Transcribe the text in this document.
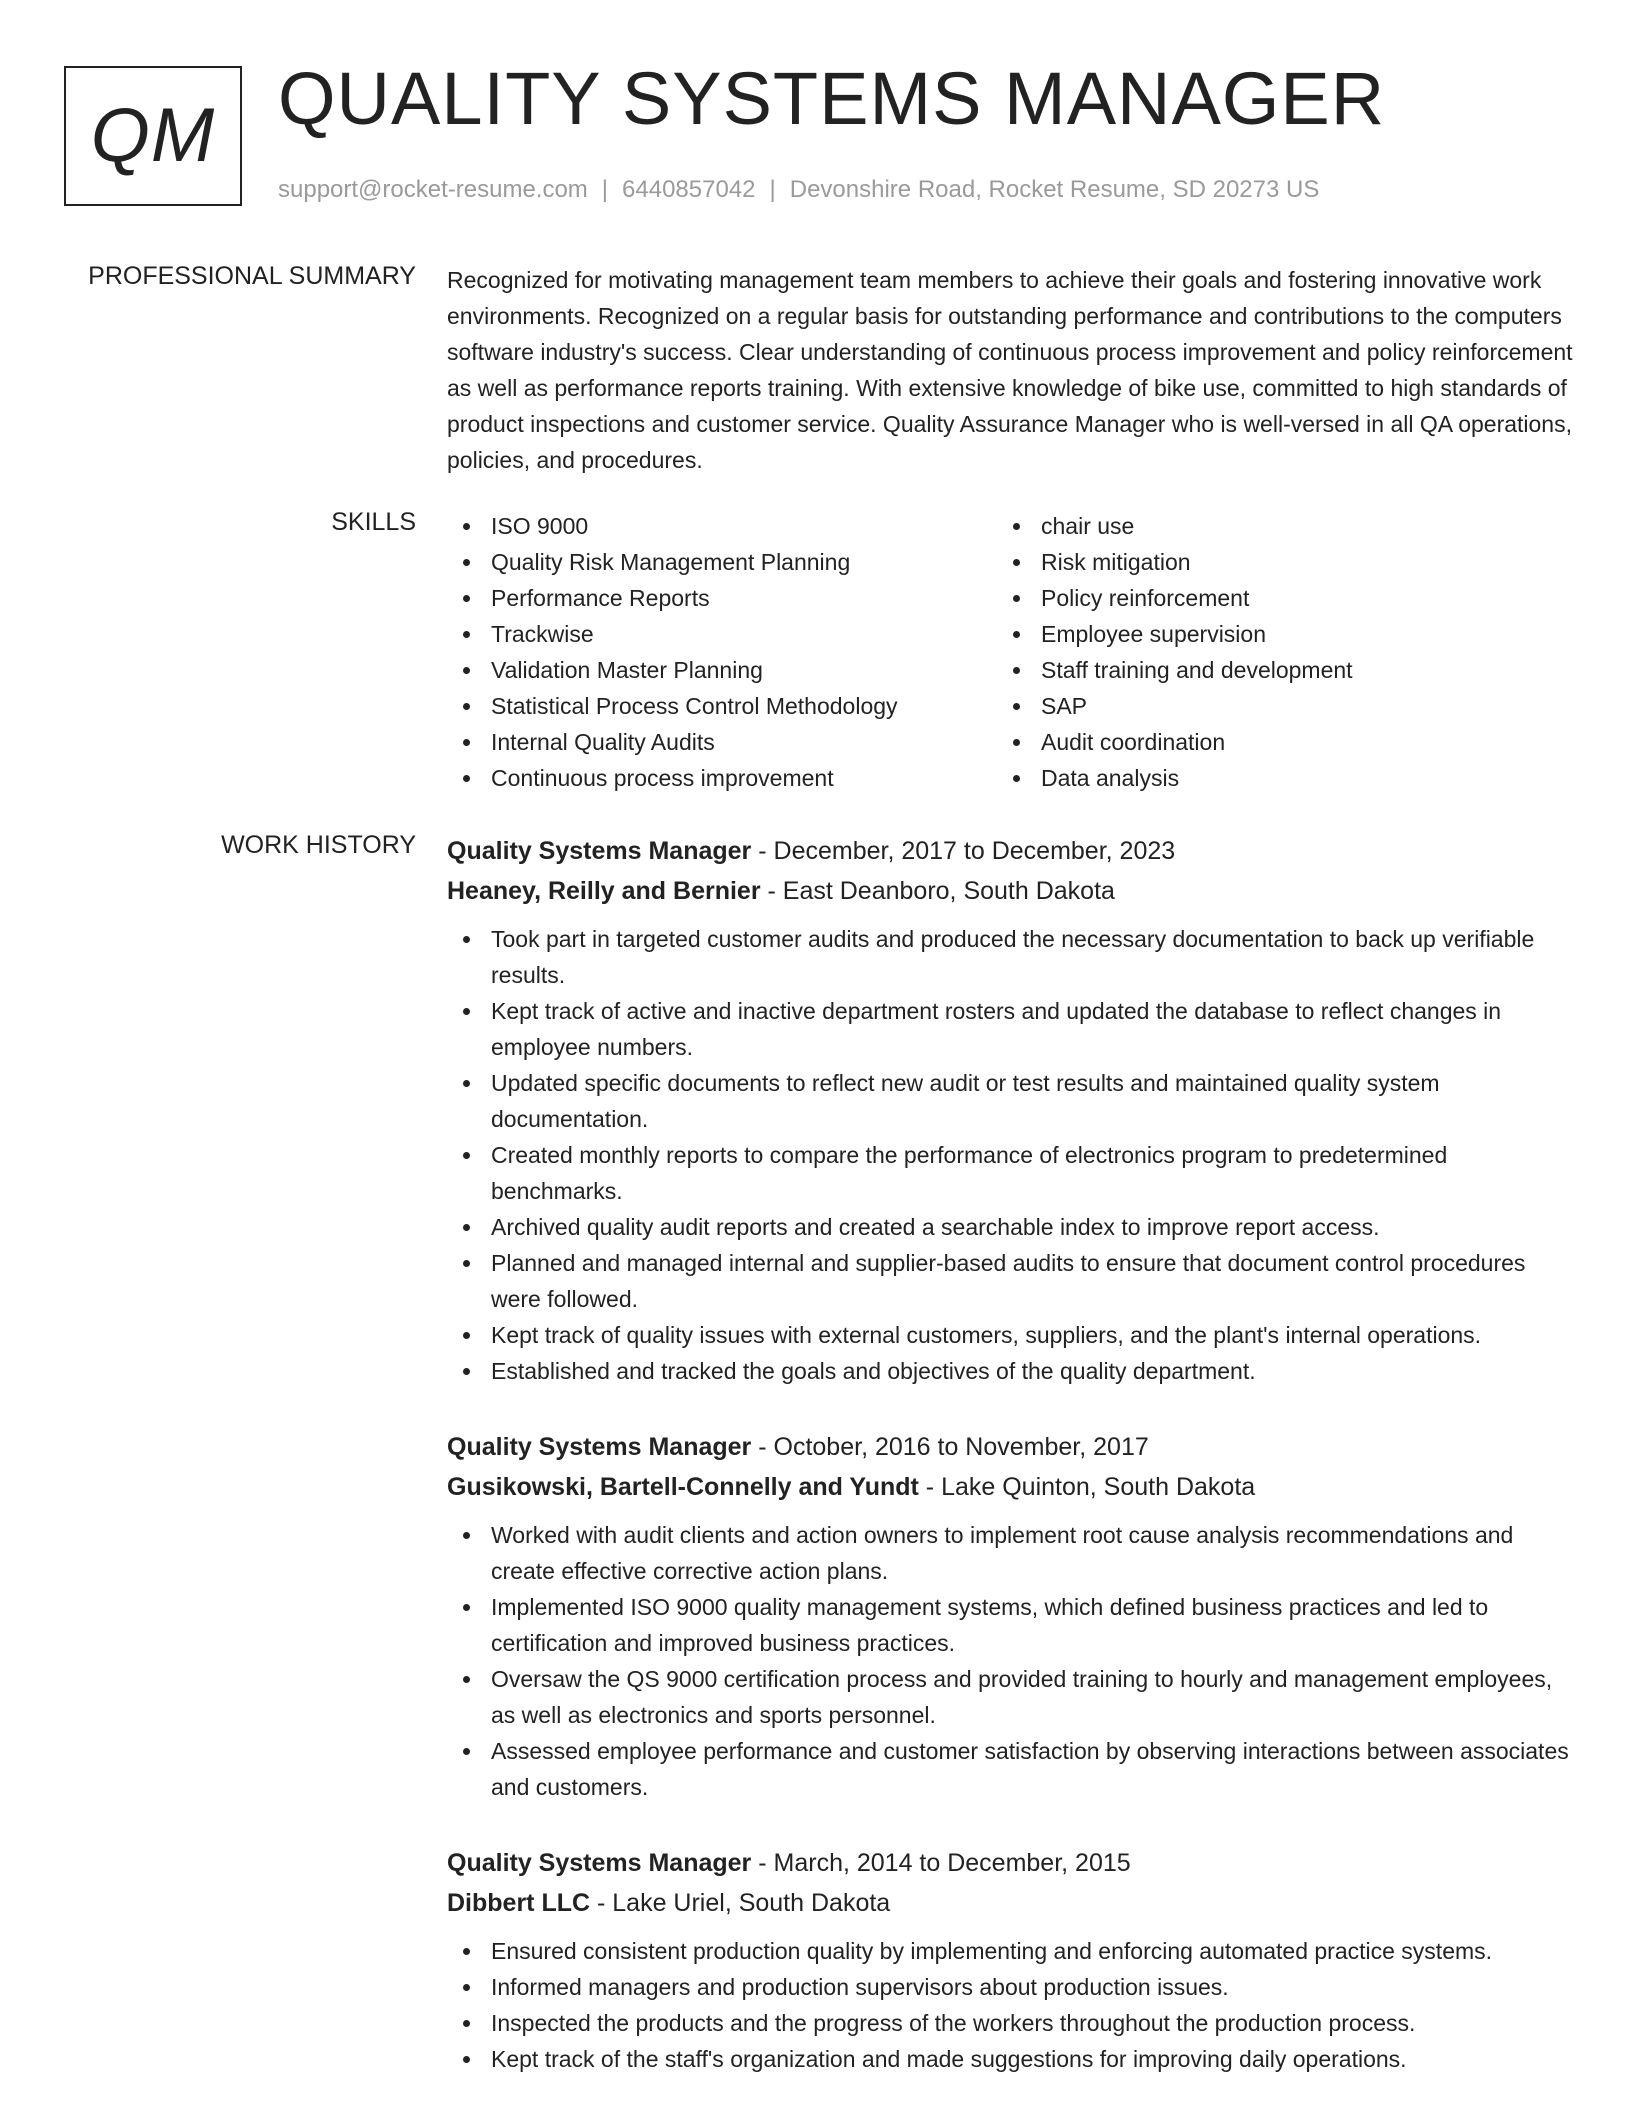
QM QUALITY SYSTEMS MANAGER
support@rocket-resume.com | 6440857042 | Devonshire Road, Rocket Resume, SD 20273 US
PROFESSIONAL SUMMARY Recognized for motivating management team members to achieve their goals and fostering innovative work environments. Recognized on a regular basis for outstanding performance and contributions to the computers software industry's success. Clear understanding of continuous process improvement and policy reinforcement as well as performance reports training. With extensive knowledge of bike use, committed to high standards of product inspections and customer service. Quality Assurance Manager who is well-versed in all QA operations, policies, and procedures.

SKILLS	ISO 9000
Quality Risk Management Planning
Performance Reports
Trackwise
Validation Master Planning
Statistical Process Control Methodology
Internal Quality Audits
Continuous process improvement
chair use
Risk mitigation
Policy reinforcement
Employee supervision
Staff training and development
SAP
Audit coordination
Data analysis
WORK HISTORY Quality Systems Manager - December, 2017 to December, 2023
Heaney, Reilly and Bernier - East Deanboro, South Dakota
Took part in targeted customer audits and produced the necessary documentation to back up verifiable results.
Kept track of active and inactive department rosters and updated the database to reflect changes in employee numbers.
Updated specific documents to reflect new audit or test results and maintained quality system documentation.
Created monthly reports to compare the performance of electronics program to predetermined benchmarks.
Archived quality audit reports and created a searchable index to improve report access.
Planned and managed internal and supplier-based audits to ensure that document control procedures were followed.
Kept track of quality issues with external customers, suppliers, and the plant's internal operations.
Established and tracked the goals and objectives of the quality department.
Quality Systems Manager - October, 2016 to November, 2017
Gusikowski, Bartell-Connelly and Yundt - Lake Quinton, South Dakota
Worked with audit clients and action owners to implement root cause analysis recommendations and create effective corrective action plans.
Implemented ISO 9000 quality management systems, which defined business practices and led to certification and improved business practices.
Oversaw the QS 9000 certification process and provided training to hourly and management employees, as well as electronics and sports personnel.
Assessed employee performance and customer satisfaction by observing interactions between associates and customers.
Quality Systems Manager - March, 2014 to December, 2015
Dibbert LLC - Lake Uriel, South Dakota
Ensured consistent production quality by implementing and enforcing automated practice systems.
Informed managers and production supervisors about production issues.
Inspected the products and the progress of the workers throughout the production process.
Kept track of the staff's organization and made suggestions for improving daily operations.
